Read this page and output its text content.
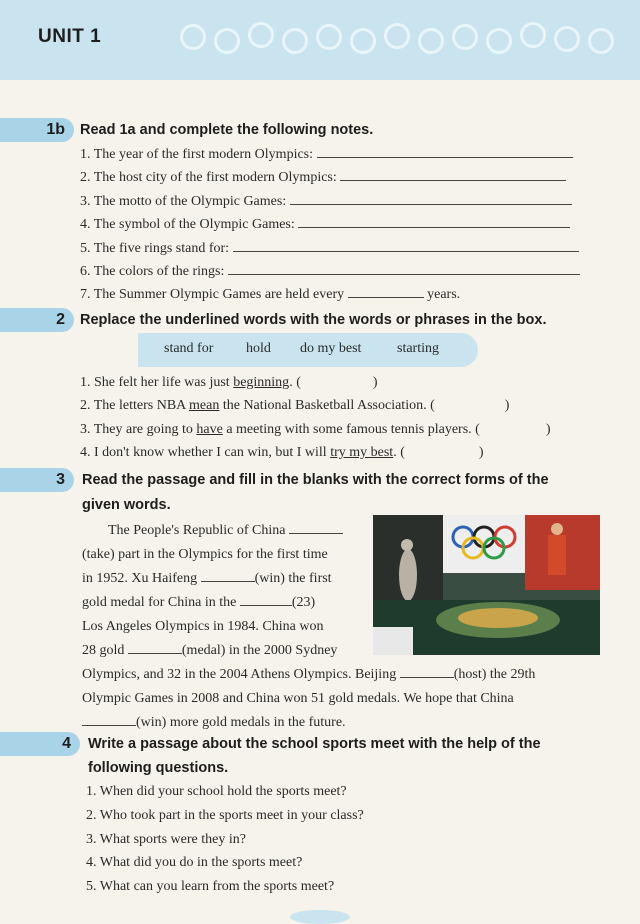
UNIT 1
1b	Read 1a and complete the following notes.
1. The year of the first modern Olympics:
2. The host city of the first modern Olympics:
3. The motto of the Olympic Games:
4. The symbol of the Olympic Games:
5. The five rings stand for:
6. The colors of the rings:
7. The Summer Olympic Games are held every	years.
2	Replace the underlined words with the words or phrases in the box.
stand for hold do my best	starting
1. She felt her life was just beginning. (	)
2. The letters NBA mean the National Basketball Association. (	)
3. They are going to have a meeting with some famous tennis players. (	)
4. I don't know whether I can win, but I will try my best. (	)
3	Read the passage and fill in the blanks with the correct forms of the
given words.
The People's Republic of China
(take) part in the Olympics for the first time
in 1952. Xu Haifeng	(win) the first
gold medal for China in the	(23)
Los Angeles Olympics in 1984. China won
28 gold	(medal) in the 2000 Sydney
Olympics, and 32 in the 2004 Athens Olympics. Beijing	(host) the 29th
Olympic Games in 2008 and China won 51 gold medals. We hope that China
(win) more gold medals in the future.
4	Write a passage about the school sports meet with the help of the
following questions.
1. When did your school hold the sports meet?
2. Who took part in the sports meet in your class?
3. What sports were they in?
4. What did you do in the sports meet?
5. What can you learn from the sports meet?
